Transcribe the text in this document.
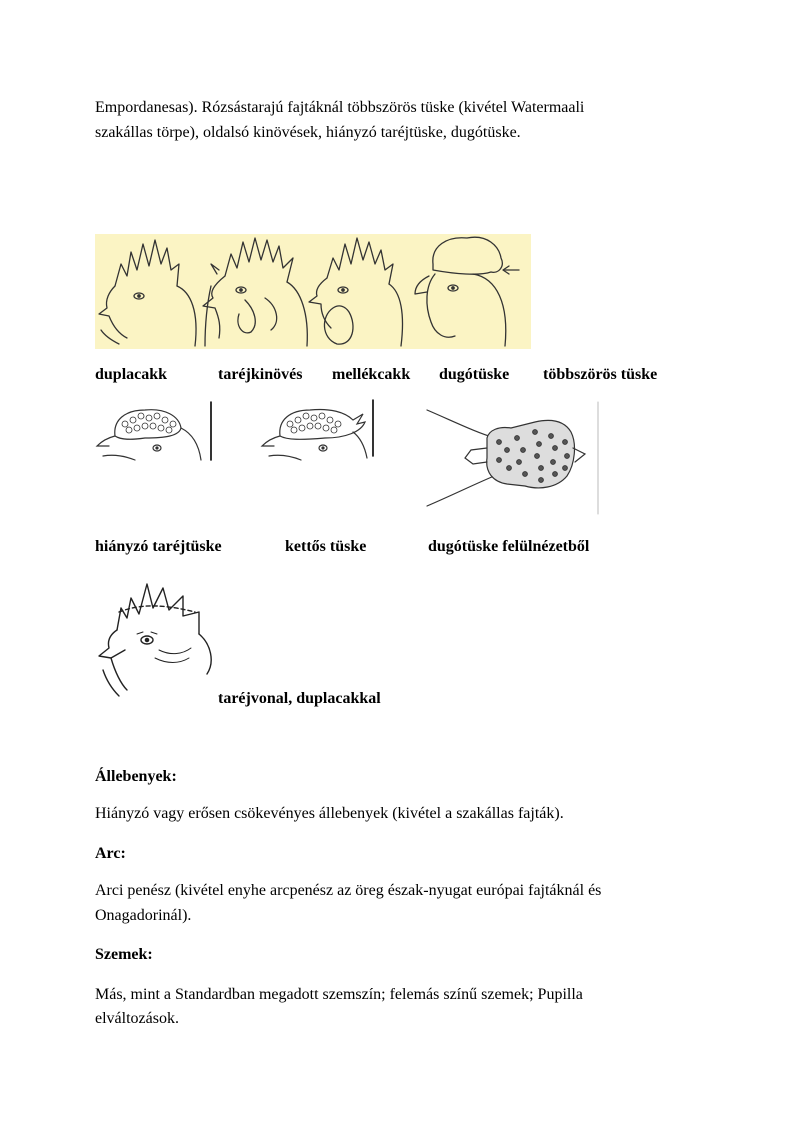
Empordanesas). Rózsástarajú fajtáknál többszörös tüske (kivétel Watermaali

szakállas törpe), oldalsó kinövések, hiányzó taréjtüske, dugótüske.

duplacakk	taréjkinövés mellékcakk dugótüske többszörös tüske
hiányzó taréjtüske	kettős tüske	dugótüske felülnézetből
taréjvonal, duplacakkal

Állebenyek:

Hiányzó vagy erősen csökevényes állebenyek (kivétel a szakállas fajták).

Arc:

Arci penész (kivétel enyhe arcpenész az öreg észak-nyugat európai fajtáknál és

Onagadorinál).

Szemek:

Más, mint a Standardban megadott szemszín; felemás színű szemek; Pupilla

elváltozások.
